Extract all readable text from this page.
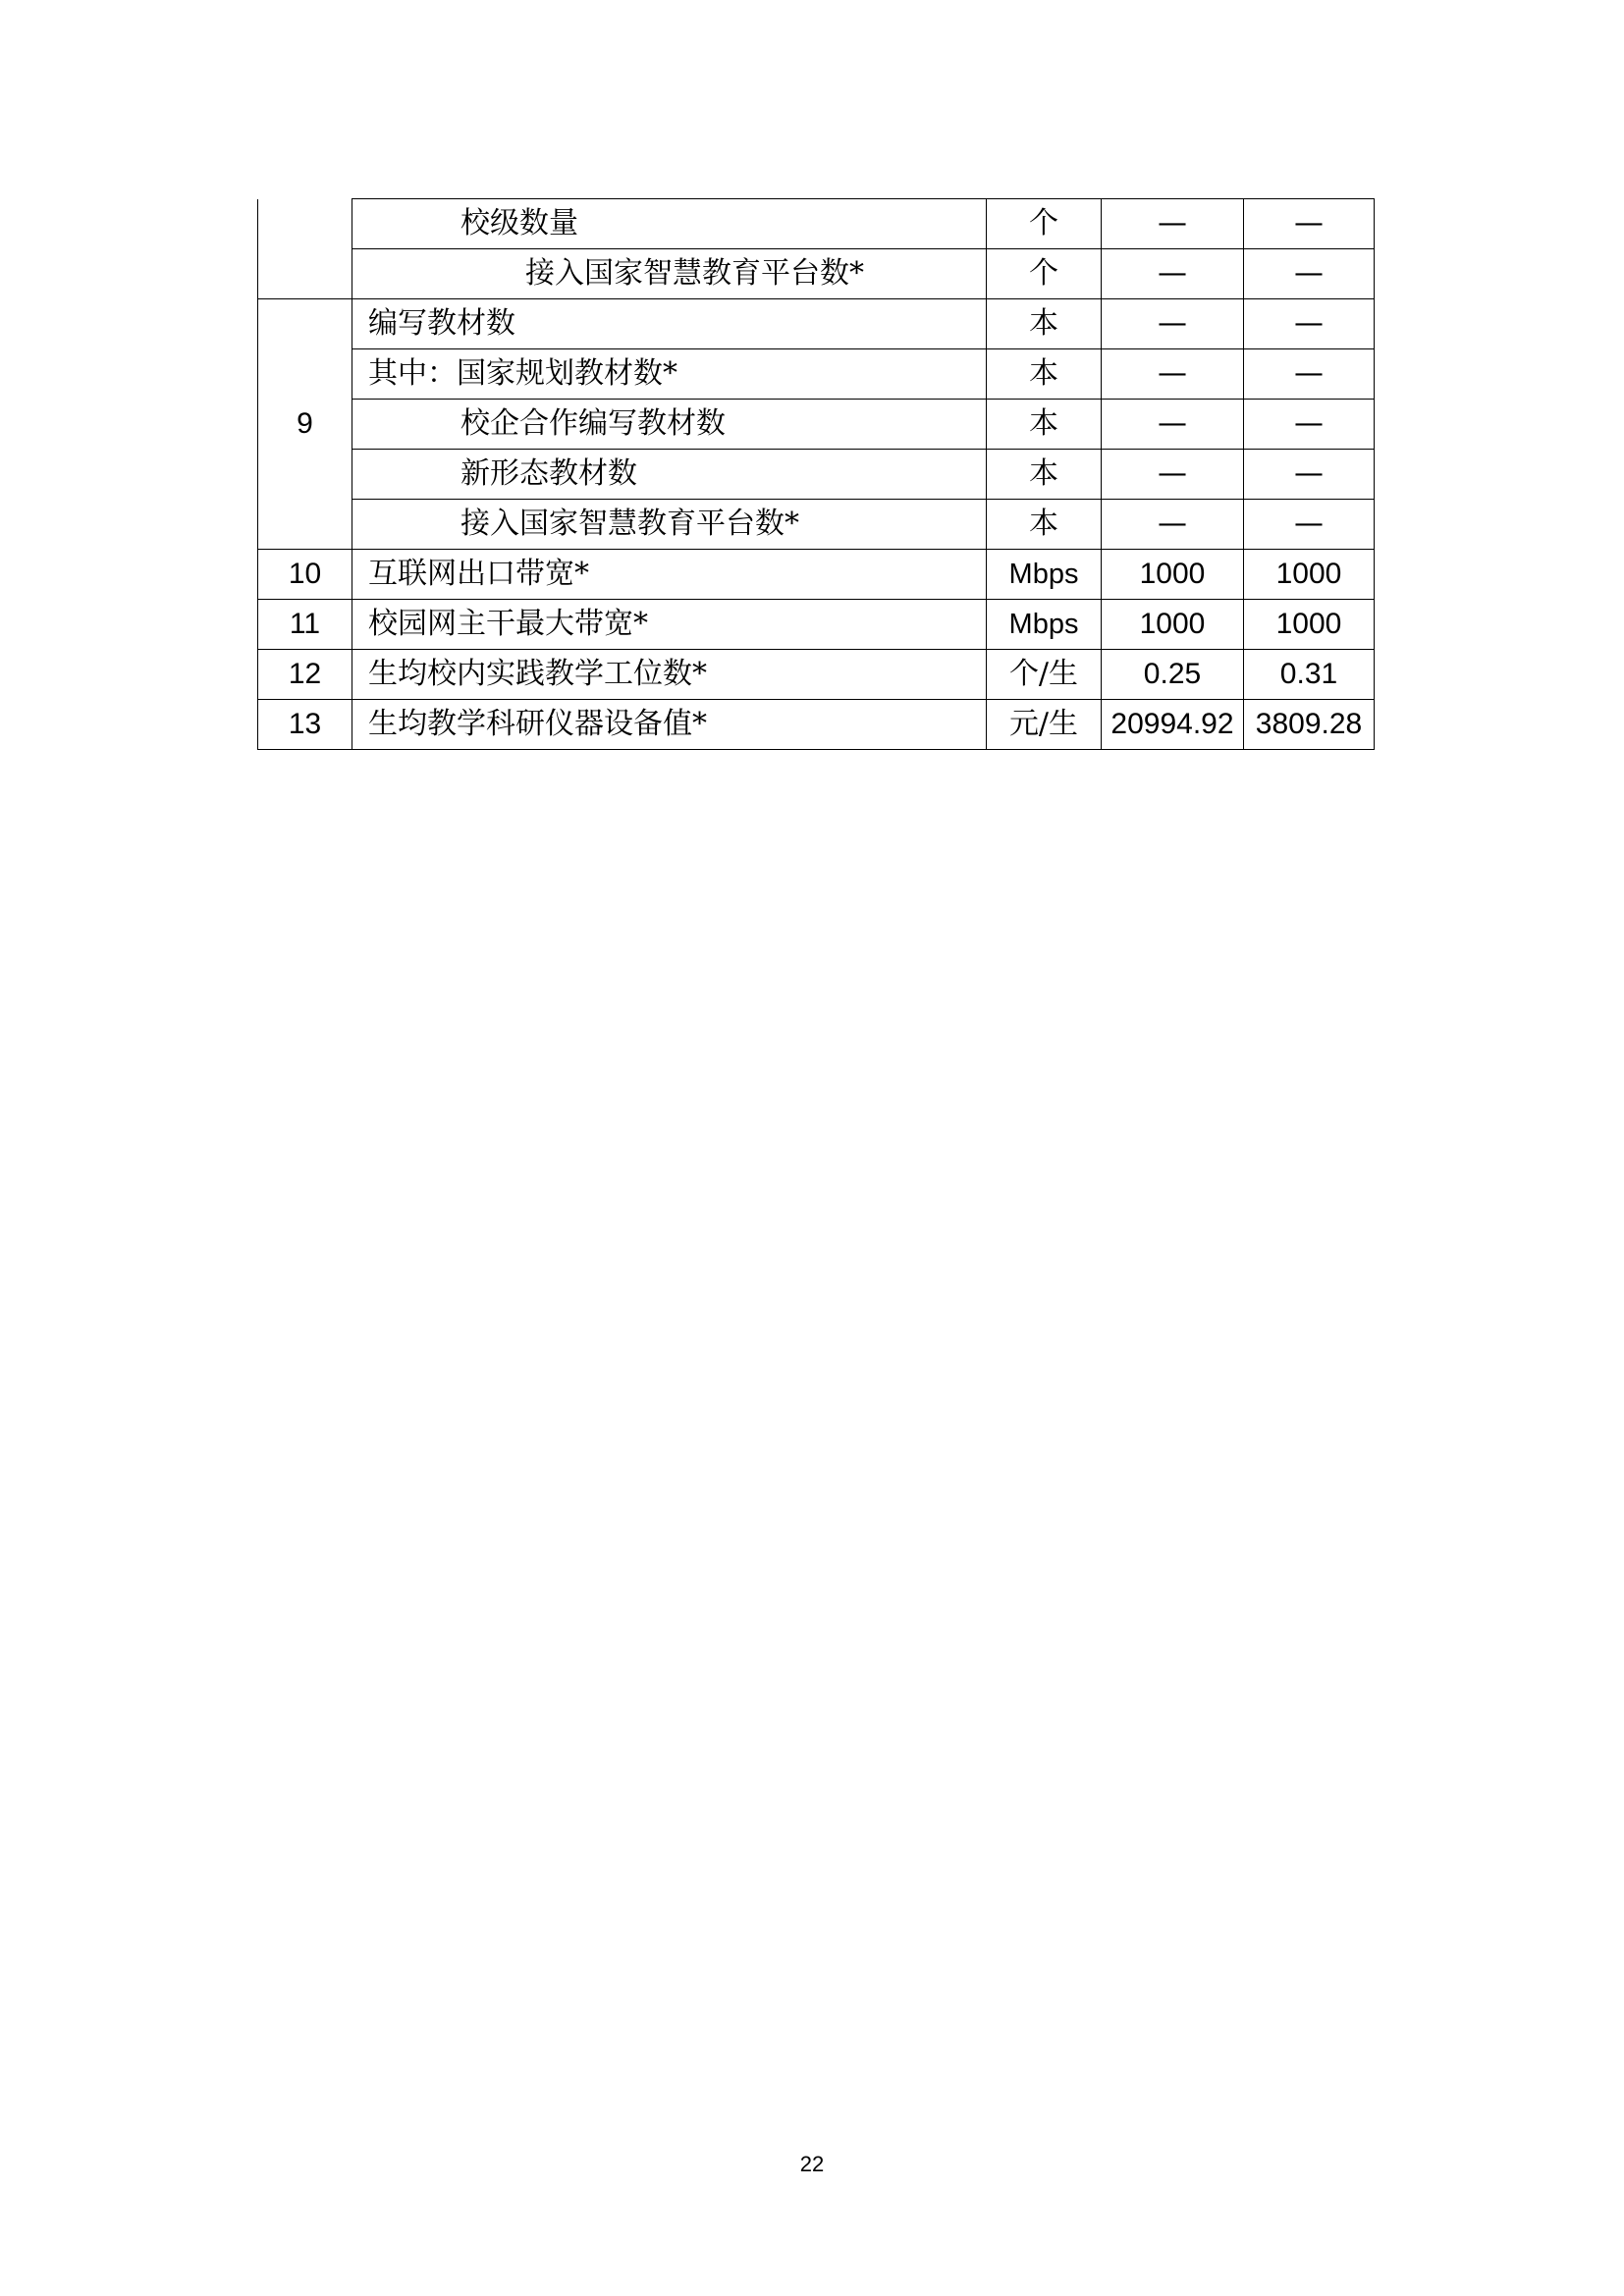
	校级数量	个	—	—
	接入国家智慧教育平台数*	个	—	—
9	编写教材数	本	—	—
	其中：国家规划教材数*	本	—	—
	校企合作编写教材数	本	—	—
	新形态教材数	本	—	—
	接入国家智慧教育平台数*	本	—	—
10	互联网出口带宽*	Mbps	1000	1000
11	校园网主干最大带宽*	Mbps	1000	1000
12	生均校内实践教学工位数*	个/生	0.25	0.31
13	生均教学科研仪器设备值*	元/生	20994.92	3809.28
22
